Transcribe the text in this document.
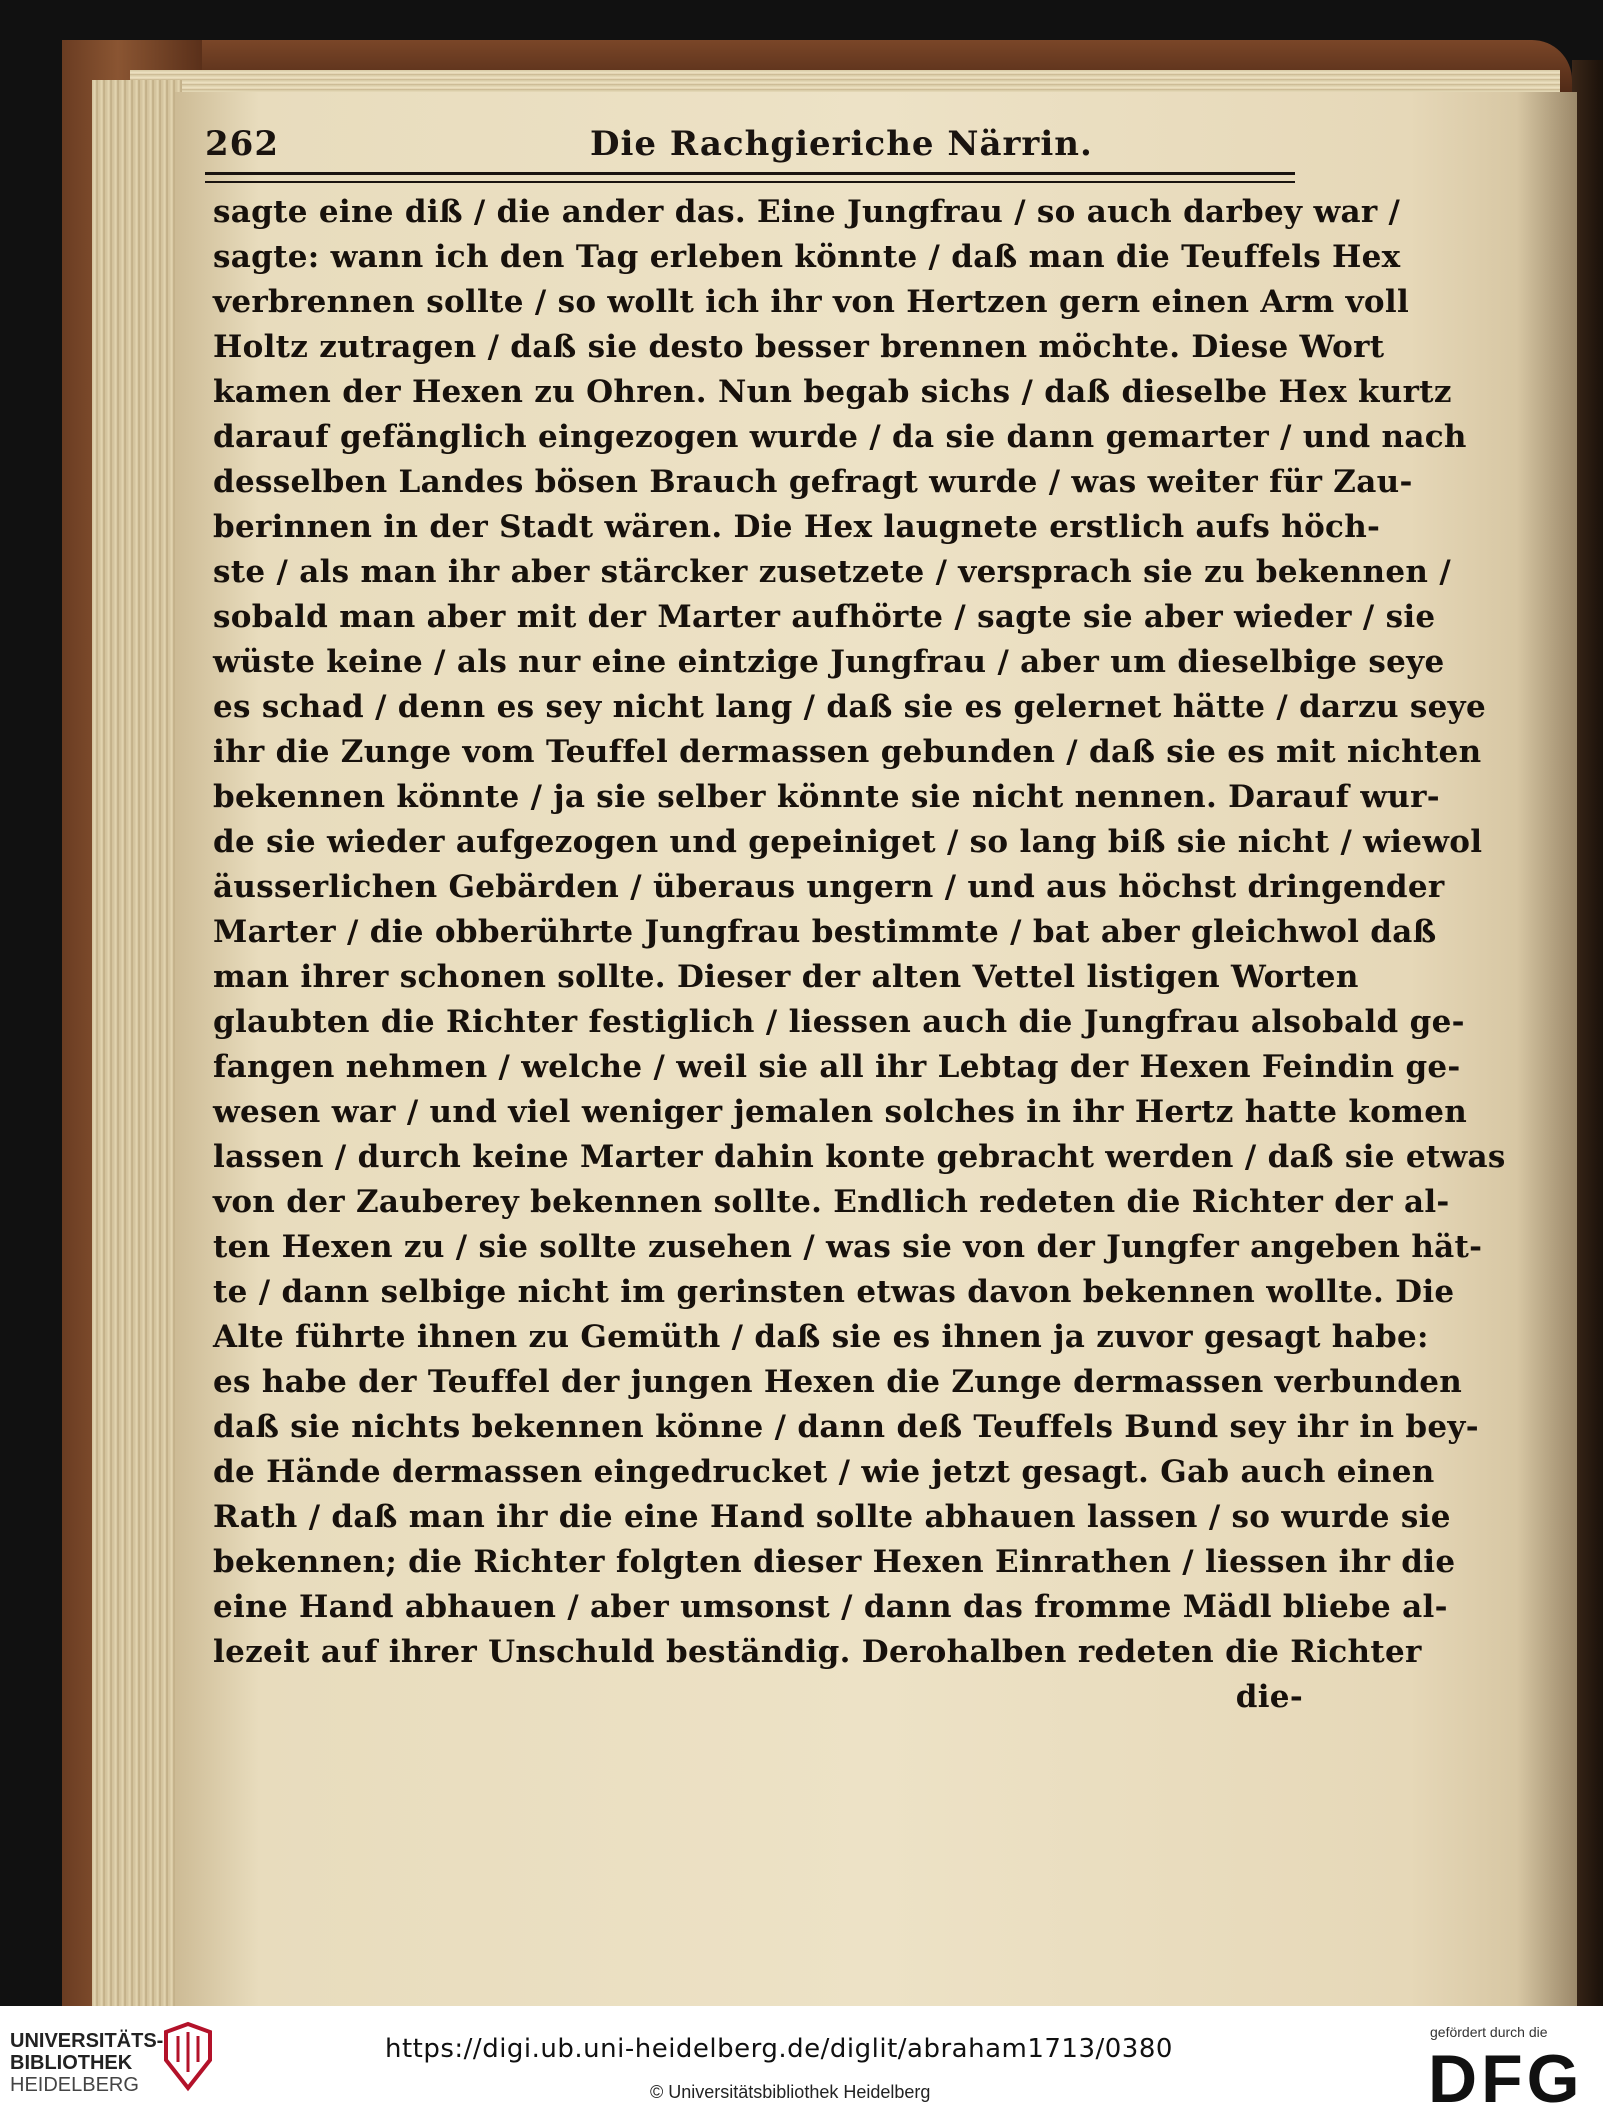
262	Die Rachgieriche Närrin.
sagte eine diß / die ander das. Eine Jungfrau / so auch darbey war /
sagte: wann ich den Tag erleben könnte / daß man die Teuffels Hex
verbrennen sollte / so wollt ich ihr von Hertzen gern einen Arm voll
Holtz zutragen / daß sie desto besser brennen möchte. Diese Wort
kamen der Hexen zu Ohren. Nun begab sichs / daß dieselbe Hex kurtz
darauf gefänglich eingezogen wurde / da sie dann gemarter / und nach
desselben Landes bösen Brauch gefragt wurde / was weiter für Zau-
berinnen in der Stadt wären. Die Hex laugnete erstlich aufs höch-
ste / als man ihr aber stärcker zusetzete / versprach sie zu bekennen /
sobald man aber mit der Marter aufhörte / sagte sie aber wieder / sie
wüste keine / als nur eine eintzige Jungfrau / aber um dieselbige seye
es schad / denn es sey nicht lang / daß sie es gelernet hätte / darzu seye
ihr die Zunge vom Teuffel dermassen gebunden / daß sie es mit nichten
bekennen könnte / ja sie selber könnte sie nicht nennen. Darauf wur-
de sie wieder aufgezogen und gepeiniget / so lang biß sie nicht / wiewol
äusserlichen Gebärden / überaus ungern / und aus höchst dringender
Marter / die obberührte Jungfrau bestimmte / bat aber gleichwol daß
man ihrer schonen sollte. Dieser der alten Vettel listigen Worten
glaubten die Richter festiglich / liessen auch die Jungfrau alsobald ge-
fangen nehmen / welche / weil sie all ihr Lebtag der Hexen Feindin ge-
wesen war / und viel weniger jemalen solches in ihr Hertz hatte komen
lassen / durch keine Marter dahin konte gebracht werden / daß sie etwas
von der Zauberey bekennen sollte. Endlich redeten die Richter der al-
ten Hexen zu / sie sollte zusehen / was sie von der Jungfer angeben hät-
te / dann selbige nicht im gerinsten etwas davon bekennen wollte. Die
Alte führte ihnen zu Gemüth / daß sie es ihnen ja zuvor gesagt habe:
es habe der Teuffel der jungen Hexen die Zunge dermassen verbunden
daß sie nichts bekennen könne / dann deß Teuffels Bund sey ihr in bey-
de Hände dermassen eingedrucket / wie jetzt gesagt. Gab auch einen
Rath / daß man ihr die eine Hand sollte abhauen lassen / so wurde sie
bekennen; die Richter folgten dieser Hexen Einrathen / liessen ihr die
eine Hand abhauen / aber umsonst / dann das fromme Mädl bliebe al-
lezeit auf ihrer Unschuld beständig. Derohalben redeten die Richter
die-
UNIVERSITÄTS-
BIBLIOTHEK
HEIDELBERG
https://digi.ub.uni-heidelberg.de/diglit/abraham1713/0380
© Universitätsbibliothek Heidelberg
gefördert durch die
DFG
